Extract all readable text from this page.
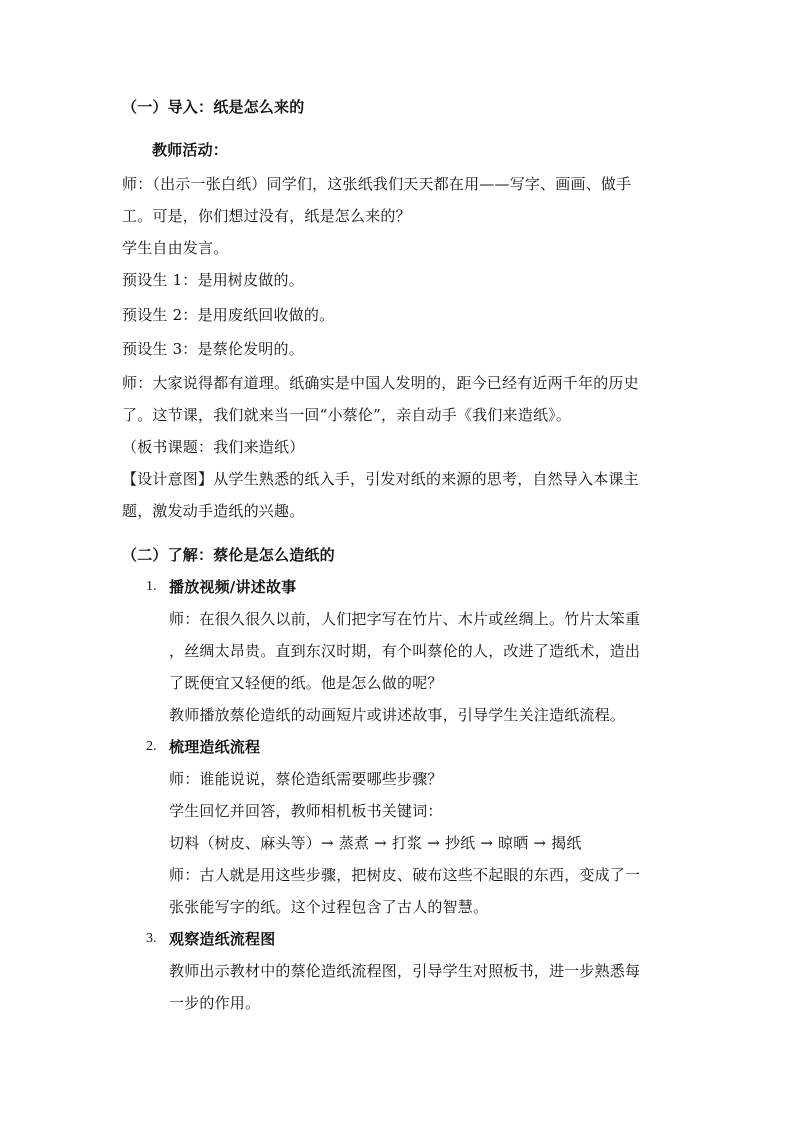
（一）导入：纸是怎么来的
教师活动：
师：（出示一张白纸）同学们，这张纸我们天天都在用——写字、画画、做手
工。可是，你们想过没有，纸是怎么来的？
学生自由发言。
预设生 1：是用树皮做的。
预设生 2：是用废纸回收做的。
预设生 3：是蔡伦发明的。
师：大家说得都有道理。纸确实是中国人发明的，距今已经有近两千年的历史
了。这节课，我们就来当一回“小蔡伦”，亲自动手《我们来造纸》。
（板书课题：我们来造纸）
【设计意图】从学生熟悉的纸入手，引发对纸的来源的思考，自然导入本课主
题，激发动手造纸的兴趣。
（二）了解：蔡伦是怎么造纸的
1. 播放视频/讲述故事
师：在很久很久以前，人们把字写在竹片、木片或丝绸上。竹片太笨重
，丝绸太昂贵。直到东汉时期，有个叫蔡伦的人，改进了造纸术，造出
了既便宜又轻便的纸。他是怎么做的呢？
教师播放蔡伦造纸的动画短片或讲述故事，引导学生关注造纸流程。
2. 梳理造纸流程
师：谁能说说，蔡伦造纸需要哪些步骤？
学生回忆并回答，教师相机板书关键词：
切料（树皮、麻头等）→ 蒸煮 → 打浆 → 抄纸 → 晾晒 → 揭纸
师：古人就是用这些步骤，把树皮、破布这些不起眼的东西，变成了一
张张能写字的纸。这个过程包含了古人的智慧。
3. 观察造纸流程图
教师出示教材中的蔡伦造纸流程图，引导学生对照板书，进一步熟悉每
一步的作用。
